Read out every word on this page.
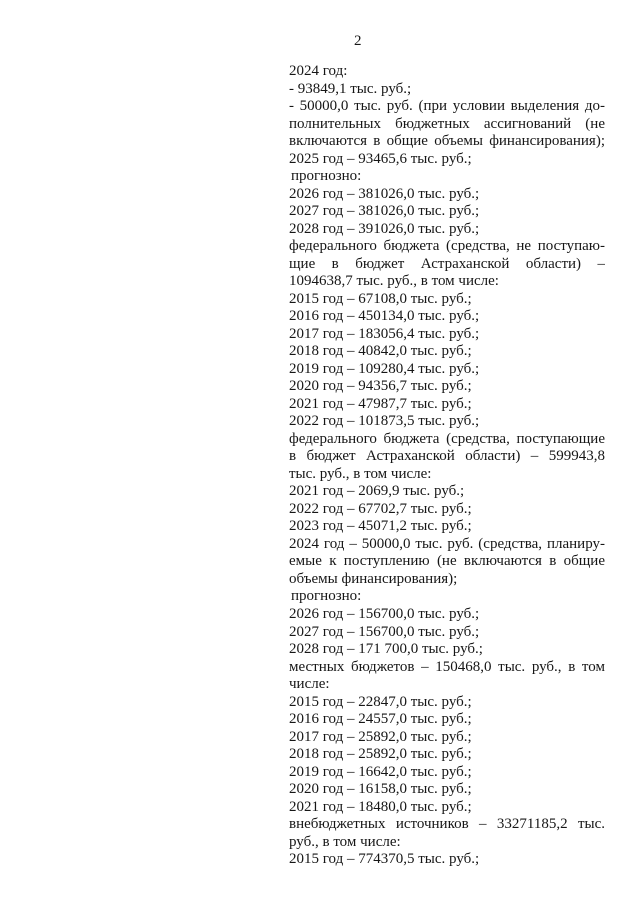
2
2024 год:
- 93849,1 тыс. руб.;
- 50000,0 тыс. руб. (при условии выделения до-
полнительных бюджетных ассигнований (не
включаются в общие объемы финансирования);
2025 год – 93465,6 тыс. руб.;
прогнозно:
2026 год – 381026,0 тыс. руб.;
2027 год – 381026,0 тыс. руб.;
2028 год – 391026,0 тыс. руб.;
федерального бюджета (средства, не поступаю-
щие в бюджет Астраханской области) –
1094638,7 тыс. руб., в том числе:
2015 год – 67108,0 тыс. руб.;
2016 год – 450134,0 тыс. руб.;
2017 год – 183056,4 тыс. руб.;
2018 год – 40842,0 тыс. руб.;
2019 год – 109280,4 тыс. руб.;
2020 год – 94356,7 тыс. руб.;
2021 год – 47987,7 тыс. руб.;
2022 год – 101873,5 тыс. руб.;
федерального бюджета (средства, поступающие
в бюджет Астраханской области) – 599943,8
тыс. руб., в том числе:
2021 год – 2069,9 тыс. руб.;
2022 год – 67702,7 тыс. руб.;
2023 год – 45071,2 тыс. руб.;
2024 год – 50000,0 тыс. руб. (средства, планиру-
емые к поступлению (не включаются в общие
объемы финансирования);
прогнозно:
2026 год – 156700,0 тыс. руб.;
2027 год – 156700,0 тыс. руб.;
2028 год – 171 700,0 тыс. руб.;
местных бюджетов – 150468,0 тыс. руб., в том
числе:
2015 год – 22847,0 тыс. руб.;
2016 год – 24557,0 тыс. руб.;
2017 год – 25892,0 тыс. руб.;
2018 год – 25892,0 тыс. руб.;
2019 год – 16642,0 тыс. руб.;
2020 год – 16158,0 тыс. руб.;
2021 год – 18480,0 тыс. руб.;
внебюджетных источников – 33271185,2 тыс.
руб., в том числе:
2015 год – 774370,5 тыс. руб.;
